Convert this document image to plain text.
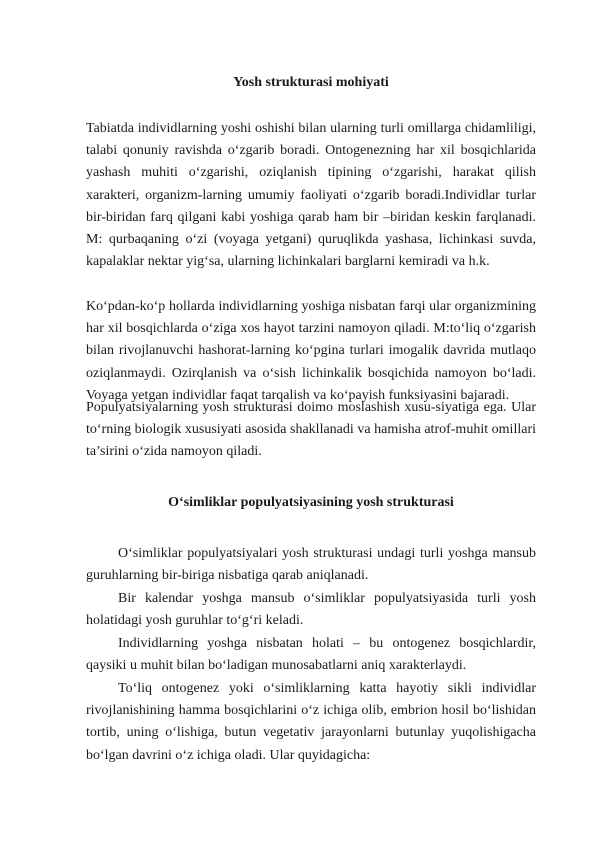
Yosh strukturasi mohiyati

Tabiatda individlarning yoshi oshishi bilan ularning turli omillarga chidamliligi, talabi qonuniy ravishda o‘zgarib boradi. Ontogenezning har xil bosqichlarida yashash muhiti o‘zgarishi, oziqlanish tipining o‘zgarishi, harakat qilish xarakteri, organizm-larning umumiy faoliyati o‘zgarib boradi.Individlar turlar bir-biridan farq qilgani kabi yoshiga qarab ham bir –biridan keskin farqlanadi. M: qurbaqaning o‘zi (voyaga yetgani) quruqlikda yashasa, lichinkasi suvda, kapalaklar nektar yig‘sa, ularning lichinkalari barglarni kemiradi va h.k.

Ko‘pdan-ko‘p hollarda individlarning yoshiga nisbatan farqi ular organizmining har xil bosqichlarda o‘ziga xos hayot tarzini namoyon qiladi. M:to‘liq o‘zgarish bilan rivojlanuvchi hashorat-larning ko‘pgina turlari imogalik davrida mutlaqo oziqlanmaydi. Ozirqlanish va o‘sish lichinkalik bosqichida namoyon bo‘ladi. Voyaga yetgan individlar faqat tarqalish va ko‘payish funksiyasini bajaradi.

Populyatsiyalarning yosh strukturasi doimo moslashish xusu-siyatiga ega. Ular to‘rning biologik xususiyati asosida shakllanadi va hamisha atrof-muhit omillari ta’sirini o‘zida namoyon qiladi.

O‘simliklar populyatsiyasining yosh strukturasi

O‘simliklar populyatsiyalari yosh strukturasi undagi turli yoshga mansub guruhlarning bir-biriga nisbatiga qarab aniqlanadi.

Bir kalendar yoshga mansub o‘simliklar populyatsiyasida turli yosh holatidagi yosh guruhlar to‘g‘ri keladi.

Individlarning yoshga nisbatan holati – bu ontogenez bosqichlardir, qaysiki u muhit bilan bo‘ladigan munosabatlarni aniq xarakterlaydi.

To‘liq ontogenez yoki o‘simliklarning katta hayotiy sikli individlar rivojlanishining hamma bosqichlarini o‘z ichiga olib, embrion hosil bo‘lishidan tortib, uning o‘lishiga, butun vegetativ jarayonlarni butunlay yuqolishigacha bo‘lgan davrini o‘z ichiga oladi. Ular quyidagicha:
